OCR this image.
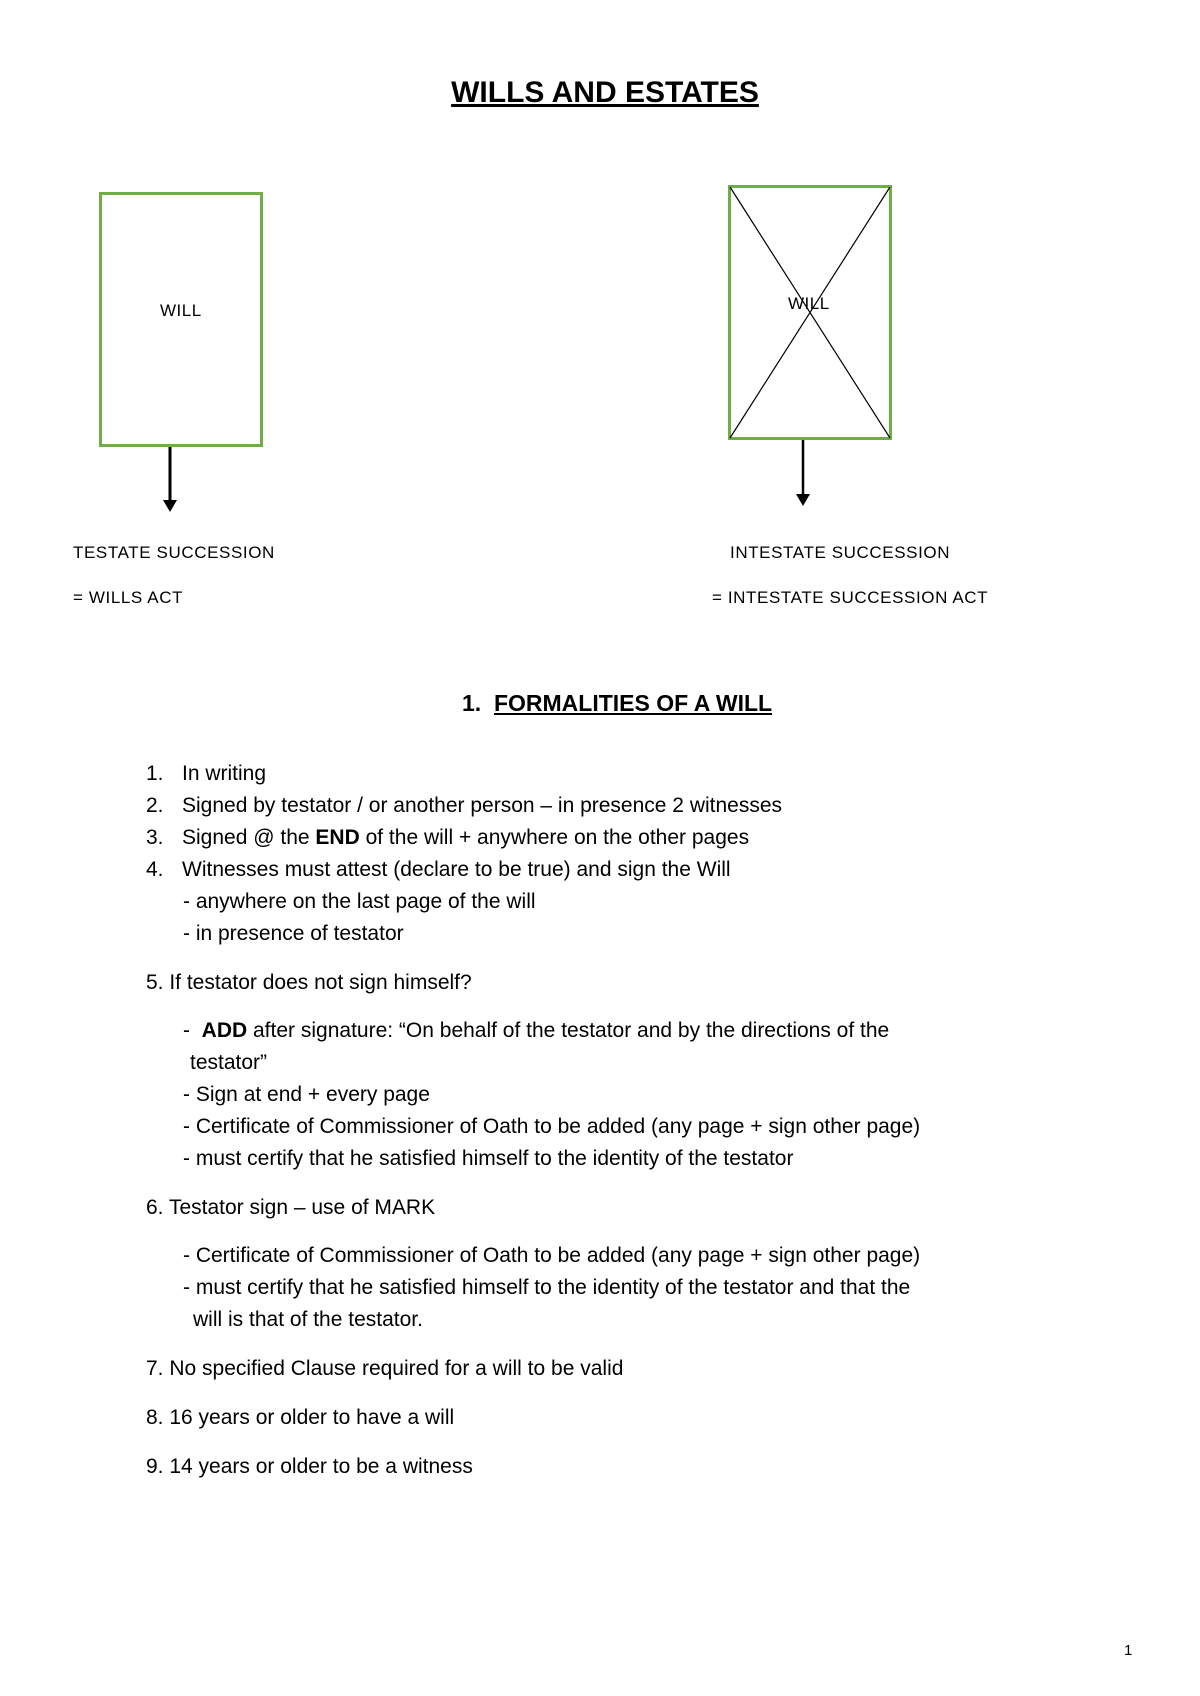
WILLS AND ESTATES
WILL	WILL
TESTATE SUCCESSION
= WILLS ACT
INTESTATE SUCCESSION
= INTESTATE SUCCESSION ACT
1. FORMALITIES OF A WILL
1. In writing
2. Signed by testator / or another person – in presence 2 witnesses
3. Signed @ the END of the will + anywhere on the other pages
4. Witnesses must attest (declare to be true) and sign the Will
- anywhere on the last page of the will
- in presence of testator
5. If testator does not sign himself?
-  ADD after signature: “On behalf of the testator and by the directions of the
testator”
- Sign at end + every page
- Certificate of Commissioner of Oath to be added (any page + sign other page)
- must certify that he satisfied himself to the identity of the testator
6. Testator sign – use of MARK
- Certificate of Commissioner of Oath to be added (any page + sign other page)
- must certify that he satisfied himself to the identity of the testator and that the
will is that of the testator.
7. No specified Clause required for a will to be valid
8. 16 years or older to have a will
9. 14 years or older to be a witness
1
